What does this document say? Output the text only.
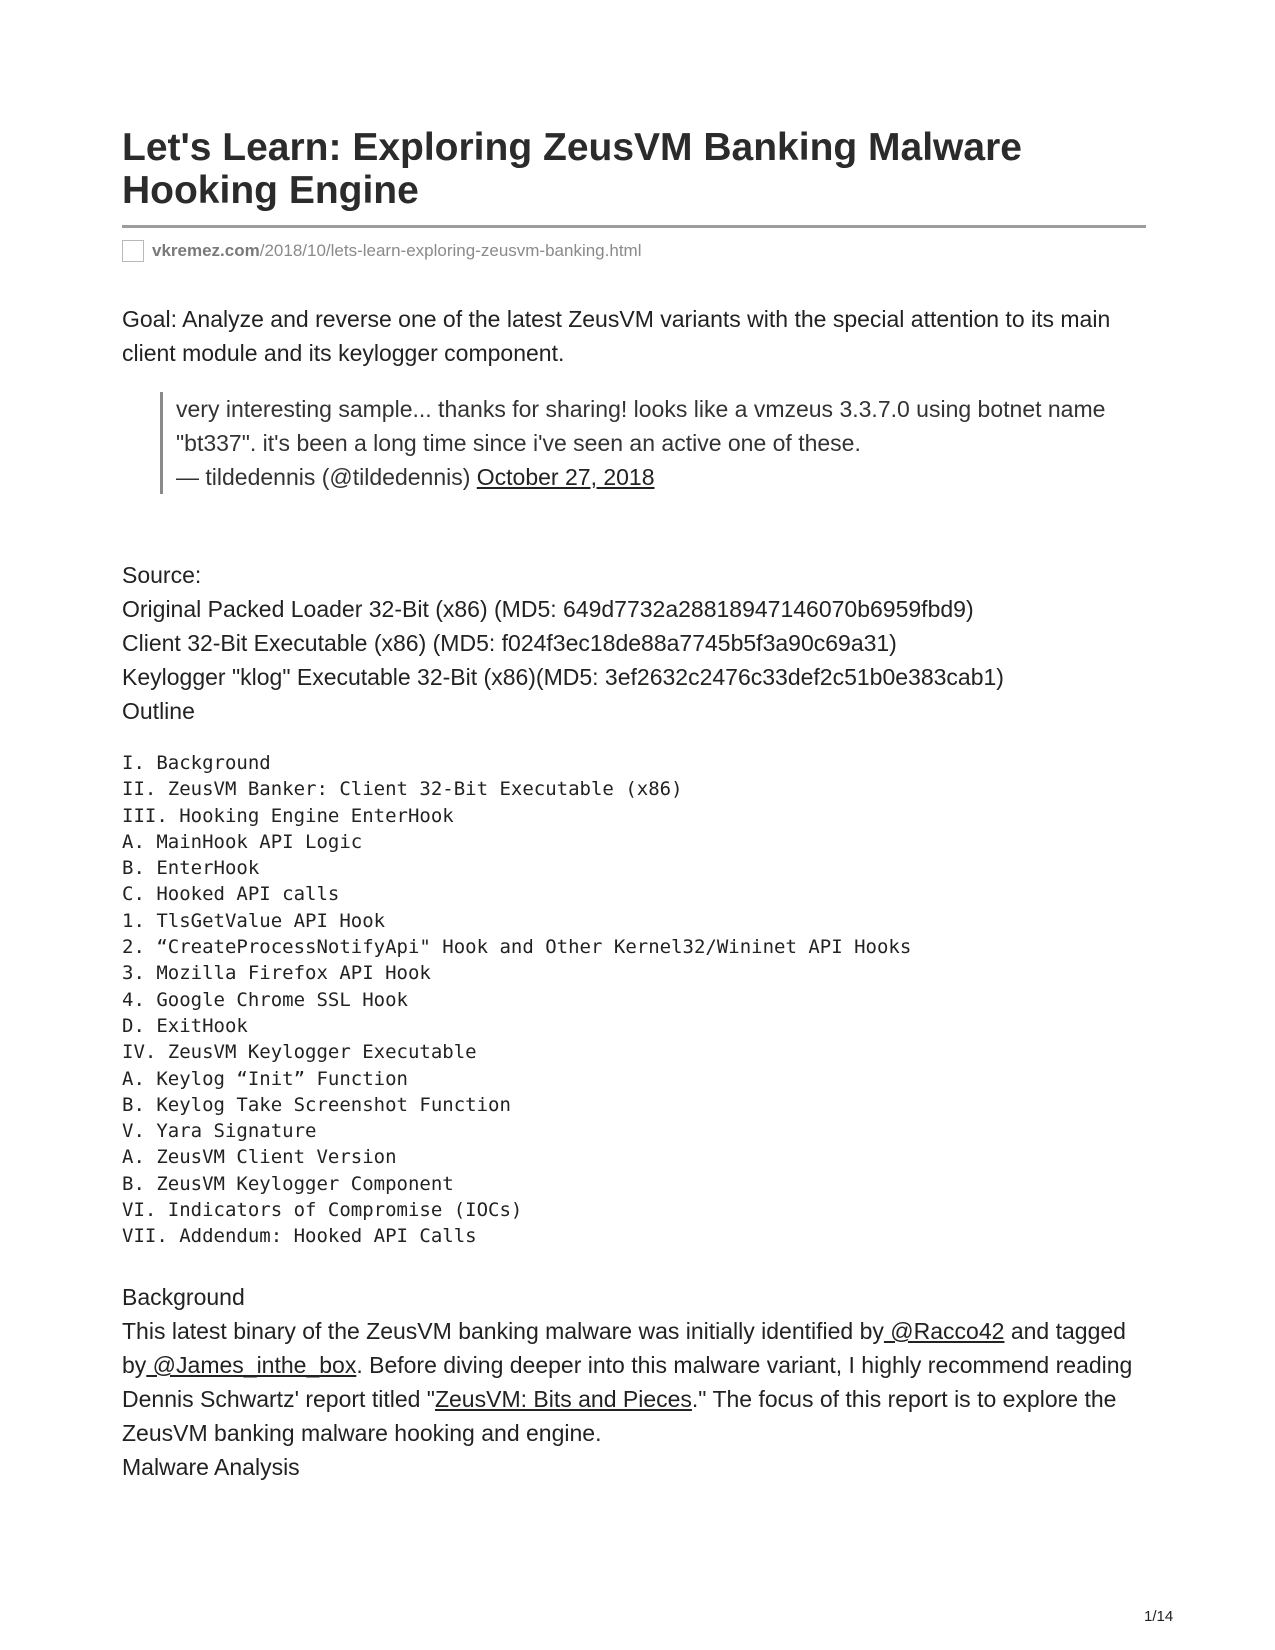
Let's Learn: Exploring ZeusVM Banking Malware Hooking Engine
vkremez.com /2018/10/lets-learn-exploring-zeusvm-banking.html

Goal: Analyze and reverse one of the latest ZeusVM variants with the special attention to its main client module and its keylogger component.

very interesting sample... thanks for sharing! looks like a vmzeus 3.3.7.0 using botnet name "bt337". it's been a long time since i've seen an active one of these.
— tildedennis (@tildedennis) October 27, 2018
Source:
Original Packed Loader 32-Bit (x86) (MD5: 649d7732a28818947146070b6959fbd9)
Client 32-Bit Executable (x86) (MD5: f024f3ec18de88a7745b5f3a90c69a31)
Keylogger "klog" Executable 32-Bit (x86)(MD5: 3ef2632c2476c33def2c51b0e383cab1)
Outline
I. Background
II. ZeusVM Banker: Client 32-Bit Executable (x86)
III. Hooking Engine EnterHook
A. MainHook API Logic
B. EnterHook
C. Hooked API calls
1. TlsGetValue API Hook
2. “CreateProcessNotifyApi" Hook and Other Kernel32/Wininet API Hooks
3. Mozilla Firefox API Hook
4. Google Chrome SSL Hook
D. ExitHook
IV. ZeusVM Keylogger Executable
A. Keylog “Init” Function
B. Keylog Take Screenshot Function
V. Yara Signature
A. ZeusVM Client Version
B. ZeusVM Keylogger Component
VI. Indicators of Compromise (IOCs)
VII. Addendum: Hooked API Calls
Background
This latest binary of the ZeusVM banking malware was initially identified by @Racco42 and tagged by @James_inthe_box. Before diving deeper into this malware variant, I highly recommend reading Dennis Schwartz' report titled "ZeusVM: Bits and Pieces." The focus of this report is to explore the ZeusVM banking malware hooking and engine.
Malware Analysis
1/14
